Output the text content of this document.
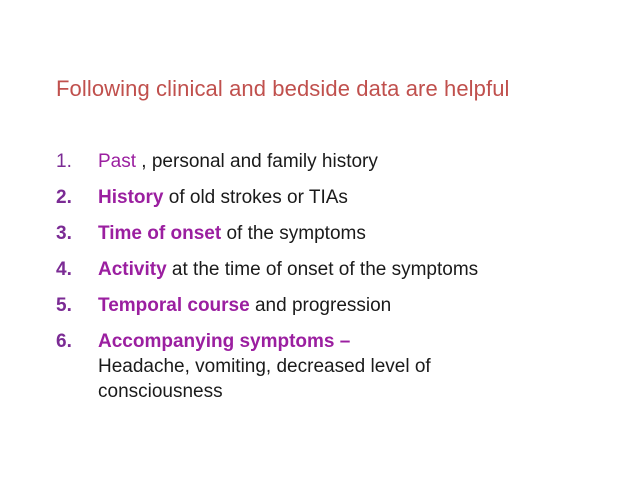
Following clinical and bedside data are helpful
1. Past , personal and family history
2. History of old strokes or TIAs
3. Time of onset of the symptoms
4. Activity at the time of onset of the symptoms
5. Temporal course and progression
6. Accompanying symptoms –
Headache, vomiting, decreased level of
consciousness
